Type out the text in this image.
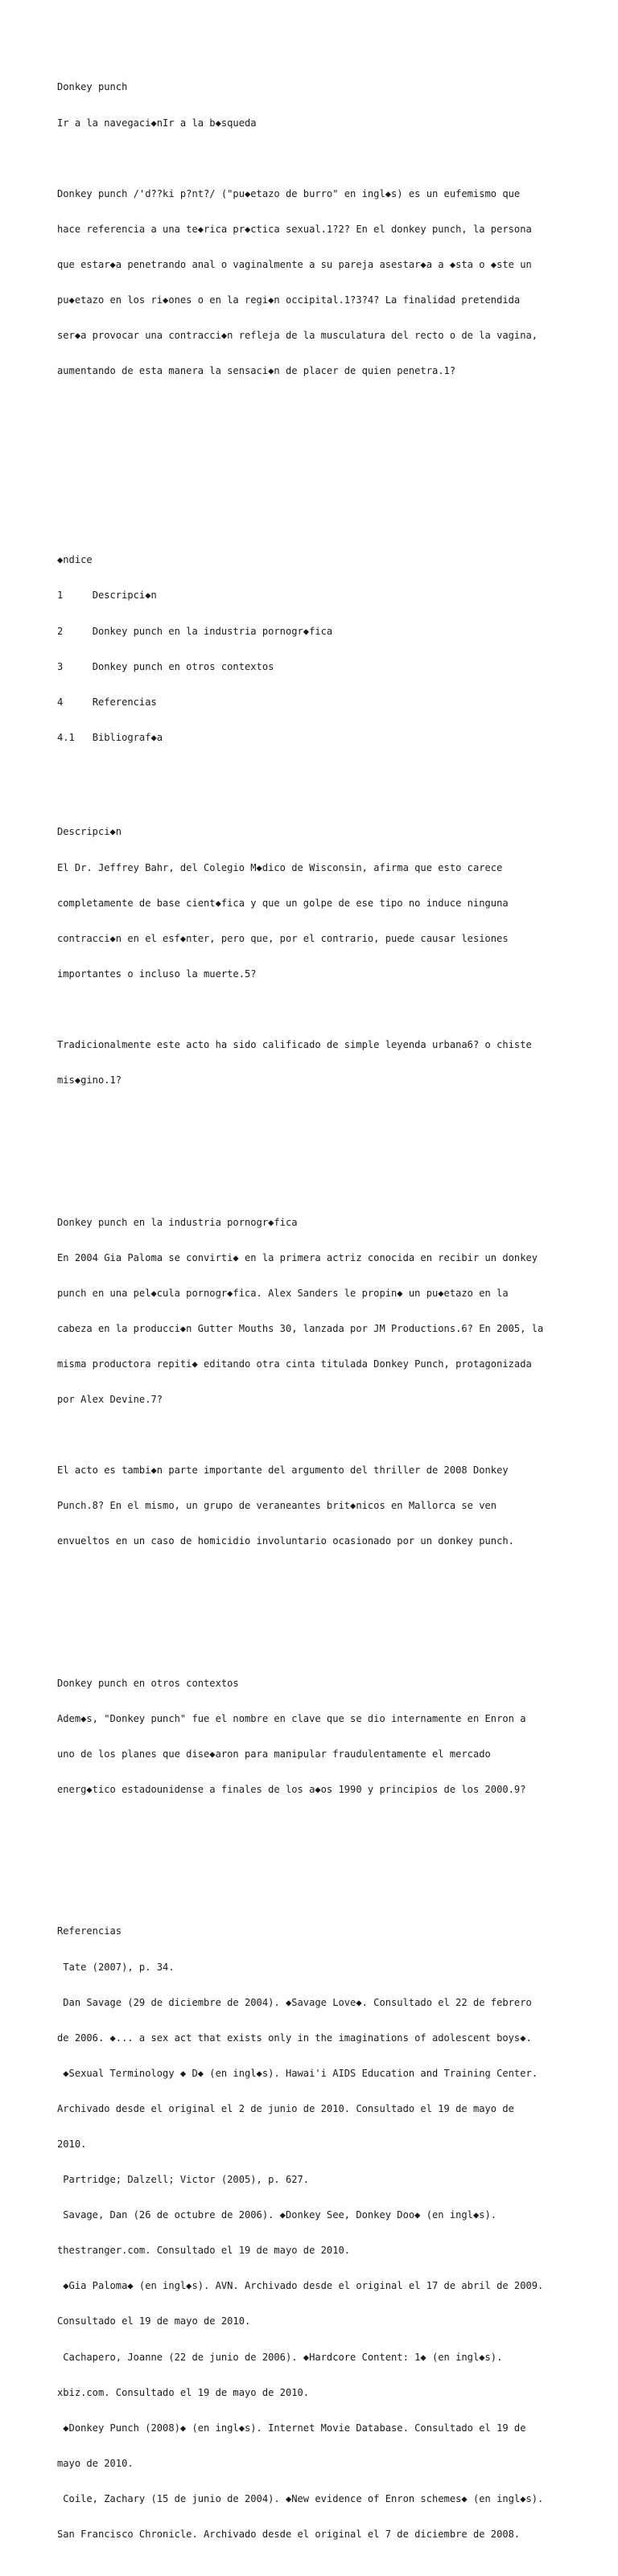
Donkey punch

Ir a la navegaci◆nIr a la b◆squeda

Donkey punch /'d??ki p?nt?/ ("pu◆etazo de burro" en ingl◆s) es un eufemismo que

hace referencia a una te◆rica pr◆ctica sexual.1?2? En el donkey punch, la persona

que estar◆a penetrando anal o vaginalmente a su pareja asestar◆a a ◆sta o ◆ste un

pu◆etazo en los ri◆ones o en la regi◆n occipital.1?3?4? La finalidad pretendida

ser◆a provocar una contracci◆n refleja de la musculatura del recto o de la vagina,

aumentando de esta manera la sensaci◆n de placer de quien penetra.1?

◆ndice

1	Descripci◆n

2	Donkey punch en la industria pornogr◆fica

3	Donkey punch en otros contextos

4	Referencias

4.1 Bibliograf◆a

Descripci◆n

El Dr. Jeffrey Bahr, del Colegio M◆dico de Wisconsin, afirma que esto carece

completamente de base cient◆fica y que un golpe de ese tipo no induce ninguna

contracci◆n en el esf◆nter, pero que, por el contrario, puede causar lesiones

importantes o incluso la muerte.5?

Tradicionalmente este acto ha sido calificado de simple leyenda urbana6? o chiste

mis◆gino.1?

Donkey punch en la industria pornogr◆fica

En 2004 Gia Paloma se convirti◆ en la primera actriz conocida en recibir un donkey

punch en una pel◆cula pornogr◆fica. Alex Sanders le propin◆ un pu◆etazo en la

cabeza en la producci◆n Gutter Mouths 30, lanzada por JM Productions.6? En 2005, la

misma productora repiti◆ editando otra cinta titulada Donkey Punch, protagonizada

por Alex Devine.7?

El acto es tambi◆n parte importante del argumento del thriller de 2008 Donkey

Punch.8? En el mismo, un grupo de veraneantes brit◆nicos en Mallorca se ven

envueltos en un caso de homicidio involuntario ocasionado por un donkey punch.

Donkey punch en otros contextos

Adem◆s, "Donkey punch" fue el nombre en clave que se dio internamente en Enron a

uno de los planes que dise◆aron para manipular fraudulentamente el mercado

energ◆tico estadounidense a finales de los a◆os 1990 y principios de los 2000.9?

Referencias

Tate (2007), p. 34.

Dan Savage (29 de diciembre de 2004). ◆Savage Love◆. Consultado el 22 de febrero

de 2006. ◆... a sex act that exists only in the imaginations of adolescent boys◆.

◆Sexual Terminology ◆ D◆ (en ingl◆s). Hawai'i AIDS Education and Training Center.

Archivado desde el original el 2 de junio de 2010. Consultado el 19 de mayo de

2010.

Partridge; Dalzell; Victor (2005), p. 627.

Savage, Dan (26 de octubre de 2006). ◆Donkey See, Donkey Doo◆ (en ingl◆s).

thestranger.com. Consultado el 19 de mayo de 2010.

◆Gia Paloma◆ (en ingl◆s). AVN. Archivado desde el original el 17 de abril de 2009.

Consultado el 19 de mayo de 2010.

Cachapero, Joanne (22 de junio de 2006). ◆Hardcore Content: 1◆ (en ingl◆s).

xbiz.com. Consultado el 19 de mayo de 2010.

◆Donkey Punch (2008)◆ (en ingl◆s). Internet Movie Database. Consultado el 19 de

mayo de 2010.

Coile, Zachary (15 de junio de 2004). ◆New evidence of Enron schemes◆ (en ingl◆s).

San Francisco Chronicle. Archivado desde el original el 7 de diciembre de 2008.
